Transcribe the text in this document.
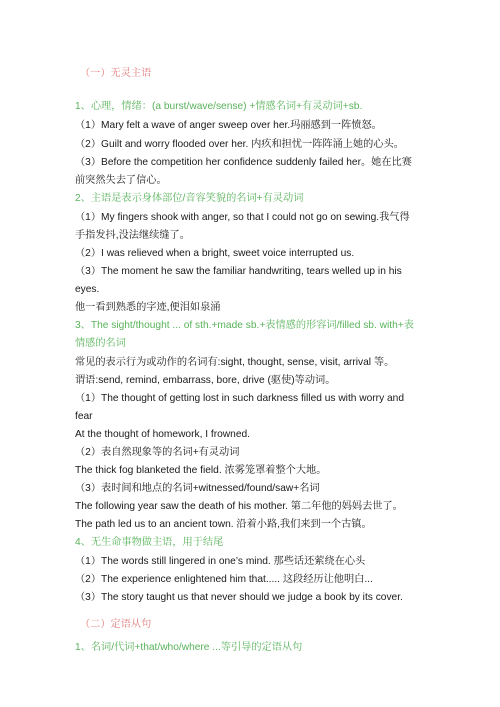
（一）无灵主语
1、心理，情绪：(a burst/wave/sense) +情感名词+有灵动词+sb.
（1）Mary felt a wave of anger sweep over her.玛丽感到一阵愤怒。
（2）Guilt and worry flooded over her. 内疚和担忧一阵阵涌上她的心头。
（3）Before the competition her confidence suddenly failed her。她在比赛
前突然失去了信心。
2、主语是表示身体部位/音容笑貌的名词+有灵动词
（1）My fingers shook with anger, so that I could not go on sewing.我气得
手指发抖,没法继续缝了。
（2）I was relieved when a bright, sweet voice interrupted us.
（3）The moment he saw the familiar handwriting, tears welled up in his
eyes.
他一看到熟悉的字迹,便泪如泉涌
3、The sight/thought ... of sth.+made sb.+表情感的形容词/filled sb. with+表
情感的名词
常见的表示行为或动作的名词有:sight, thought, sense, visit, arrival 等。
谓语:send, remind, embarrass, bore, drive (驱使)等动词。
（1）The thought of getting lost in such darkness filled us with worry and
fear
At the thought of homework, I frowned.
（2）表自然现象等的名词+有灵动词
The thick fog blanketed the field. 浓雾笼罩着整个大地。
（3）表时间和地点的名词+witnessed/found/saw+名词
The following year saw the death of his mother. 第二年他的妈妈去世了。
The path led us to an ancient town. 沿着小路,我们来到一个古镇。
4、无生命事物做主语，用于结尾
（1）The words still lingered in one’s mind. 那些话还萦绕在心头
（2）The experience enlightened him that..... 这段经历让他明白...
（3）The story taught us that never should we judge a book by its cover.
（二）定语从句
1、名词/代词+that/who/where ...等引导的定语从句
